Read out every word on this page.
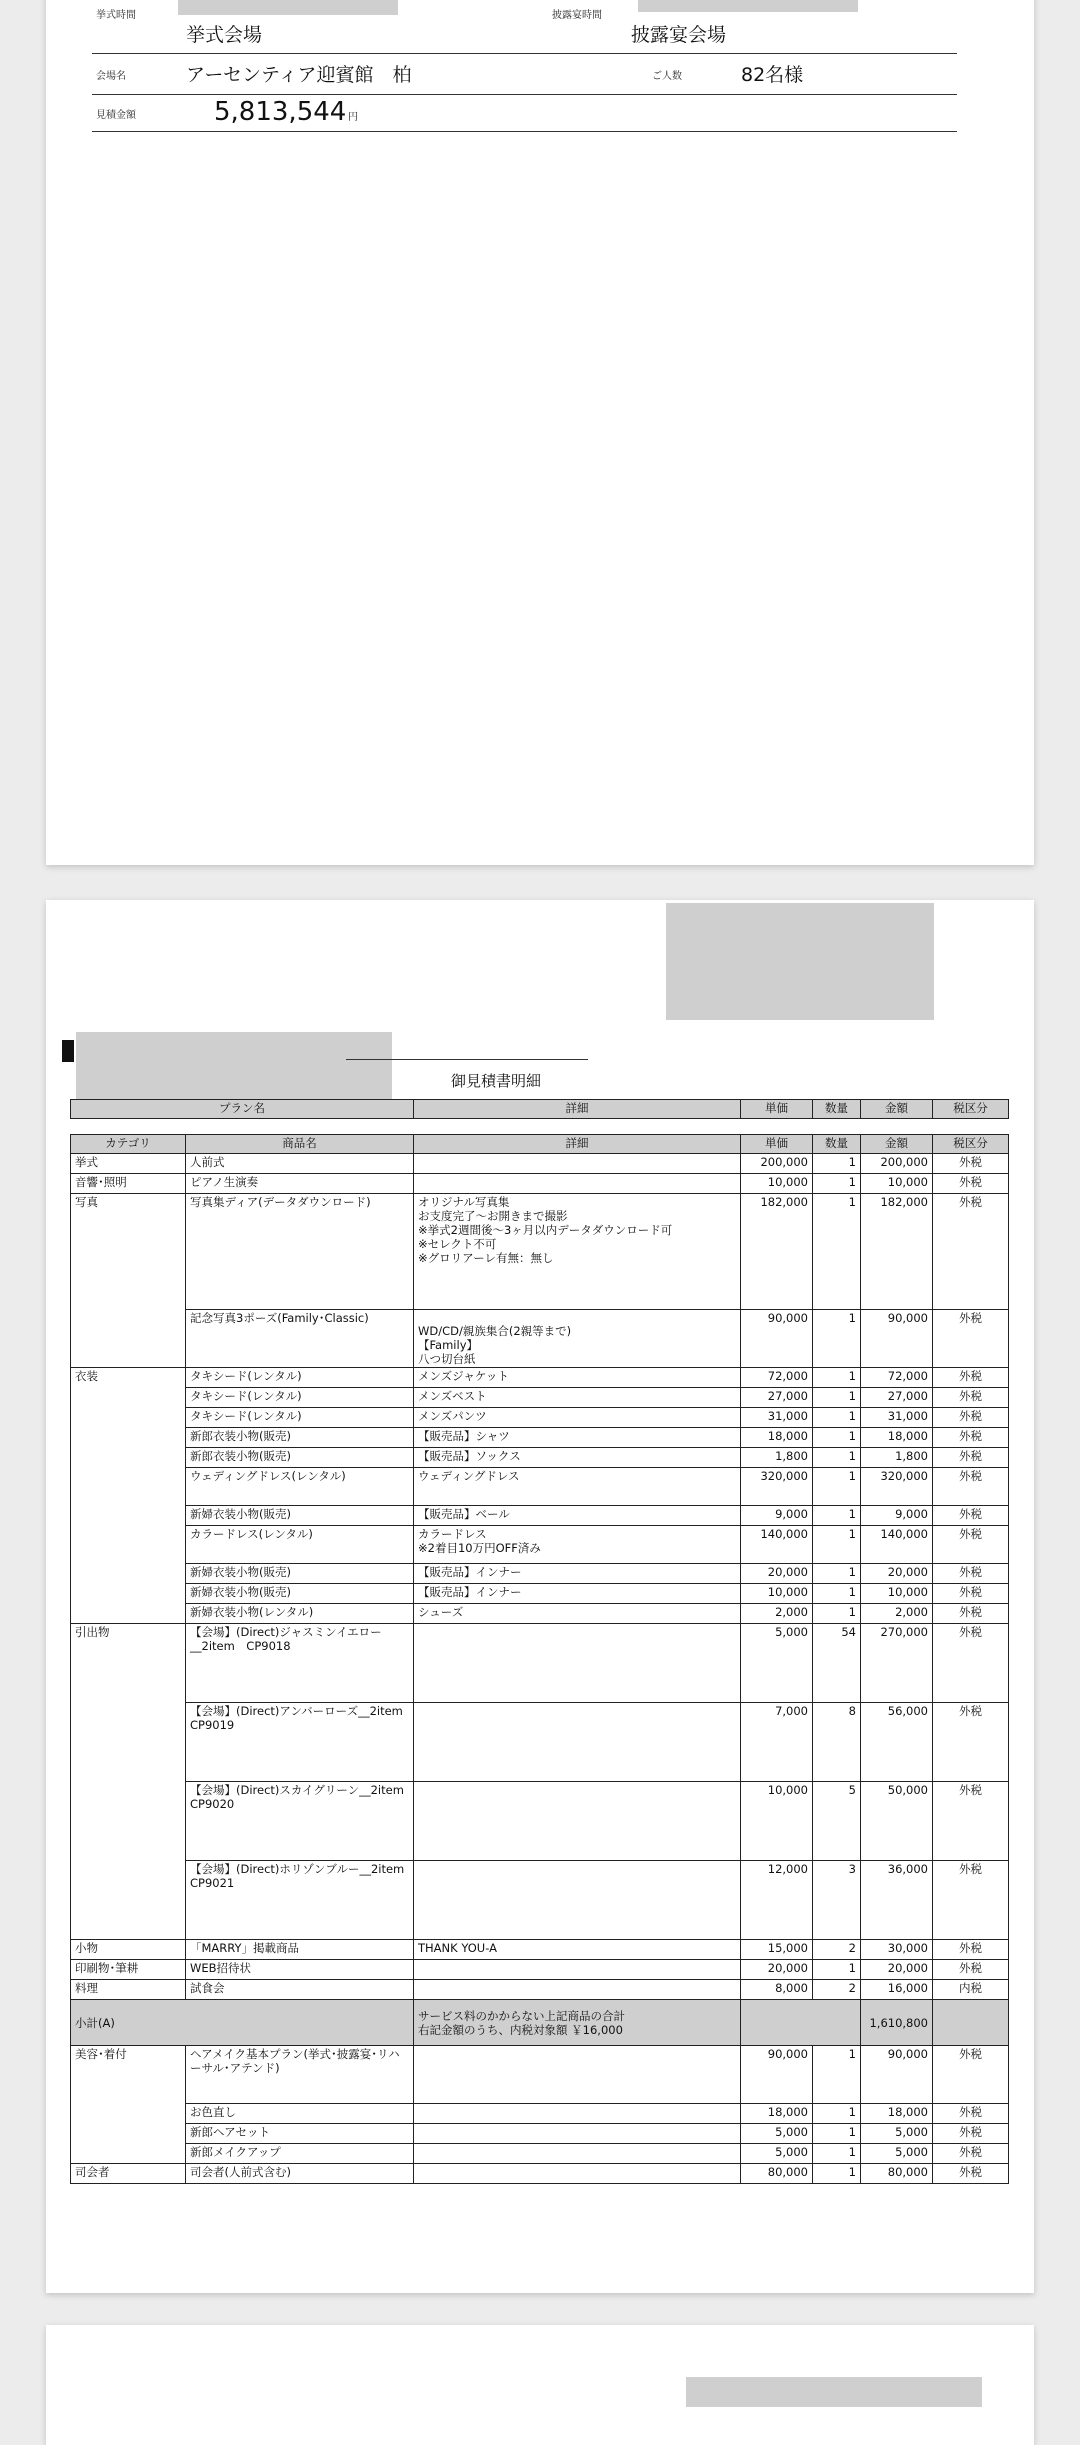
挙式時間	披露宴時間
挙式会場	披露宴会場
会場名	アーセンティア迎賓館　柏	ご人数	82名様
見積金額	5,813,544 円
御見積書明細
プラン名	詳細	単価	数量	金額	税区分
カテゴリ	商品名	詳細	単価	数量	金額	税区分
挙式	人前式		200,000	1	200,000	外税
音響･照明	ピアノ生演奏		10,000	1	10,000	外税
写真	写真集ディア(データダウンロード)	オリジナル写真集
お支度完了～お開きまで撮影
※挙式2週間後～3ヶ月以内データダウンロード可
※セレクト不可
※グロリアーレ有無：無し	182,000	1	182,000	外税
	記念写真3ポーズ(Family･Classic)	WD/CD/親族集合(2親等まで)
【Family】
八つ切台紙	90,000	1	90,000	外税
衣装	タキシード(レンタル)	メンズジャケット	72,000	1	72,000	外税
	タキシード(レンタル)	メンズベスト	27,000	1	27,000	外税
	タキシード(レンタル)	メンズパンツ	31,000	1	31,000	外税
	新郎衣装小物(販売)	【販売品】シャツ	18,000	1	18,000	外税
	新郎衣装小物(販売)	【販売品】ソックス	1,800	1	1,800	外税
	ウェディングドレス(レンタル)	ウェディングドレス	320,000	1	320,000	外税
	新婦衣装小物(販売)	【販売品】ベール	9,000	1	9,000	外税
	カラードレス(レンタル)	カラードレス
※2着目10万円OFF済み	140,000	1	140,000	外税
	新婦衣装小物(販売)	【販売品】インナー	20,000	1	20,000	外税
	新婦衣装小物(販売)	【販売品】インナー	10,000	1	10,000	外税
	新婦衣装小物(レンタル)	シューズ	2,000	1	2,000	外税
引出物	【会場】(Direct)ジャスミンイエロー__2item　CP9018		5,000	54	270,000	外税
	【会場】(Direct)アンバーローズ__2item　CP9019		7,000	8	56,000	外税
	【会場】(Direct)スカイグリーン__2item　CP9020		10,000	5	50,000	外税
	【会場】(Direct)ホリゾンブルー__2item　CP9021		12,000	3	36,000	外税
小物	「MARRY」掲載商品	THANK YOU-A	15,000	2	30,000	外税
印刷物･筆耕	WEB招待状		20,000	1	20,000	外税
料理	試食会		8,000	2	16,000	内税
小計(A)		サービス料のかからない上記商品の合計
右記金額のうち、内税対象額 ￥16,000			1,610,800	
美容･着付	ヘアメイク基本プラン(挙式･披露宴･リハーサル･アテンド)		90,000	1	90,000	外税
	お色直し		18,000	1	18,000	外税
	新郎ヘアセット		5,000	1	5,000	外税
	新郎メイクアップ		5,000	1	5,000	外税
司会者	司会者(人前式含む)		80,000	1	80,000	外税
